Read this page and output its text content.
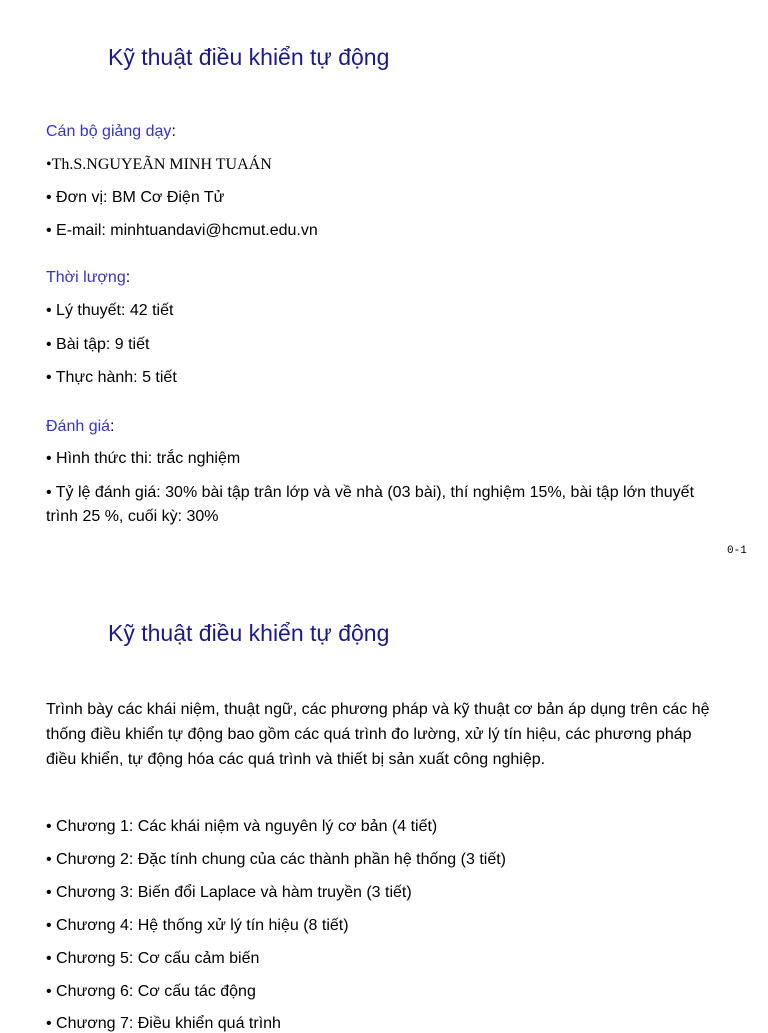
Kỹ thuật điều khiển tự động
Cán bộ giảng dạy:
•Th.S.NGUYEÃN MINH TUAÁN
• Đơn vị: BM Cơ Điện Tử
• E-mail: minhtuandavi@hcmut.edu.vn
Thời lượng:
• Lý thuyết: 42 tiết
• Bài tập: 9 tiết
• Thực hành: 5 tiết
Đánh giá:
• Hình thức thi: trắc nghiệm
• Tỷ lệ đánh giá: 30% bài tập trân lớp và về nhà (03 bài), thí nghiệm 15%, bài tập lớn thuyết trình 25 %, cuối kỳ: 30%
0-1
Kỹ thuật điều khiển tự động
Trình bày các khái niệm, thuật ngữ, các phương pháp và kỹ thuật cơ bản áp dụng trên các hệ thống điều khiển tự động bao gồm các quá trình đo lường, xử lý tín hiệu, các phương pháp điều khiển, tự động hóa các quá trình và thiết bị sản xuất công nghiệp.
• Chương 1: Các khái niệm và nguyên lý cơ bản (4 tiết)
• Chương 2: Đặc tính chung của các thành phần hệ thống (3 tiết)
• Chương 3: Biến đổi Laplace và hàm truyền (3 tiết)
• Chương 4: Hệ thống xử lý tín hiệu (8 tiết)
• Chương 5: Cơ cấu cảm biến
• Chương 6: Cơ cấu tác động
• Chương 7: Điều khiển quá trình
